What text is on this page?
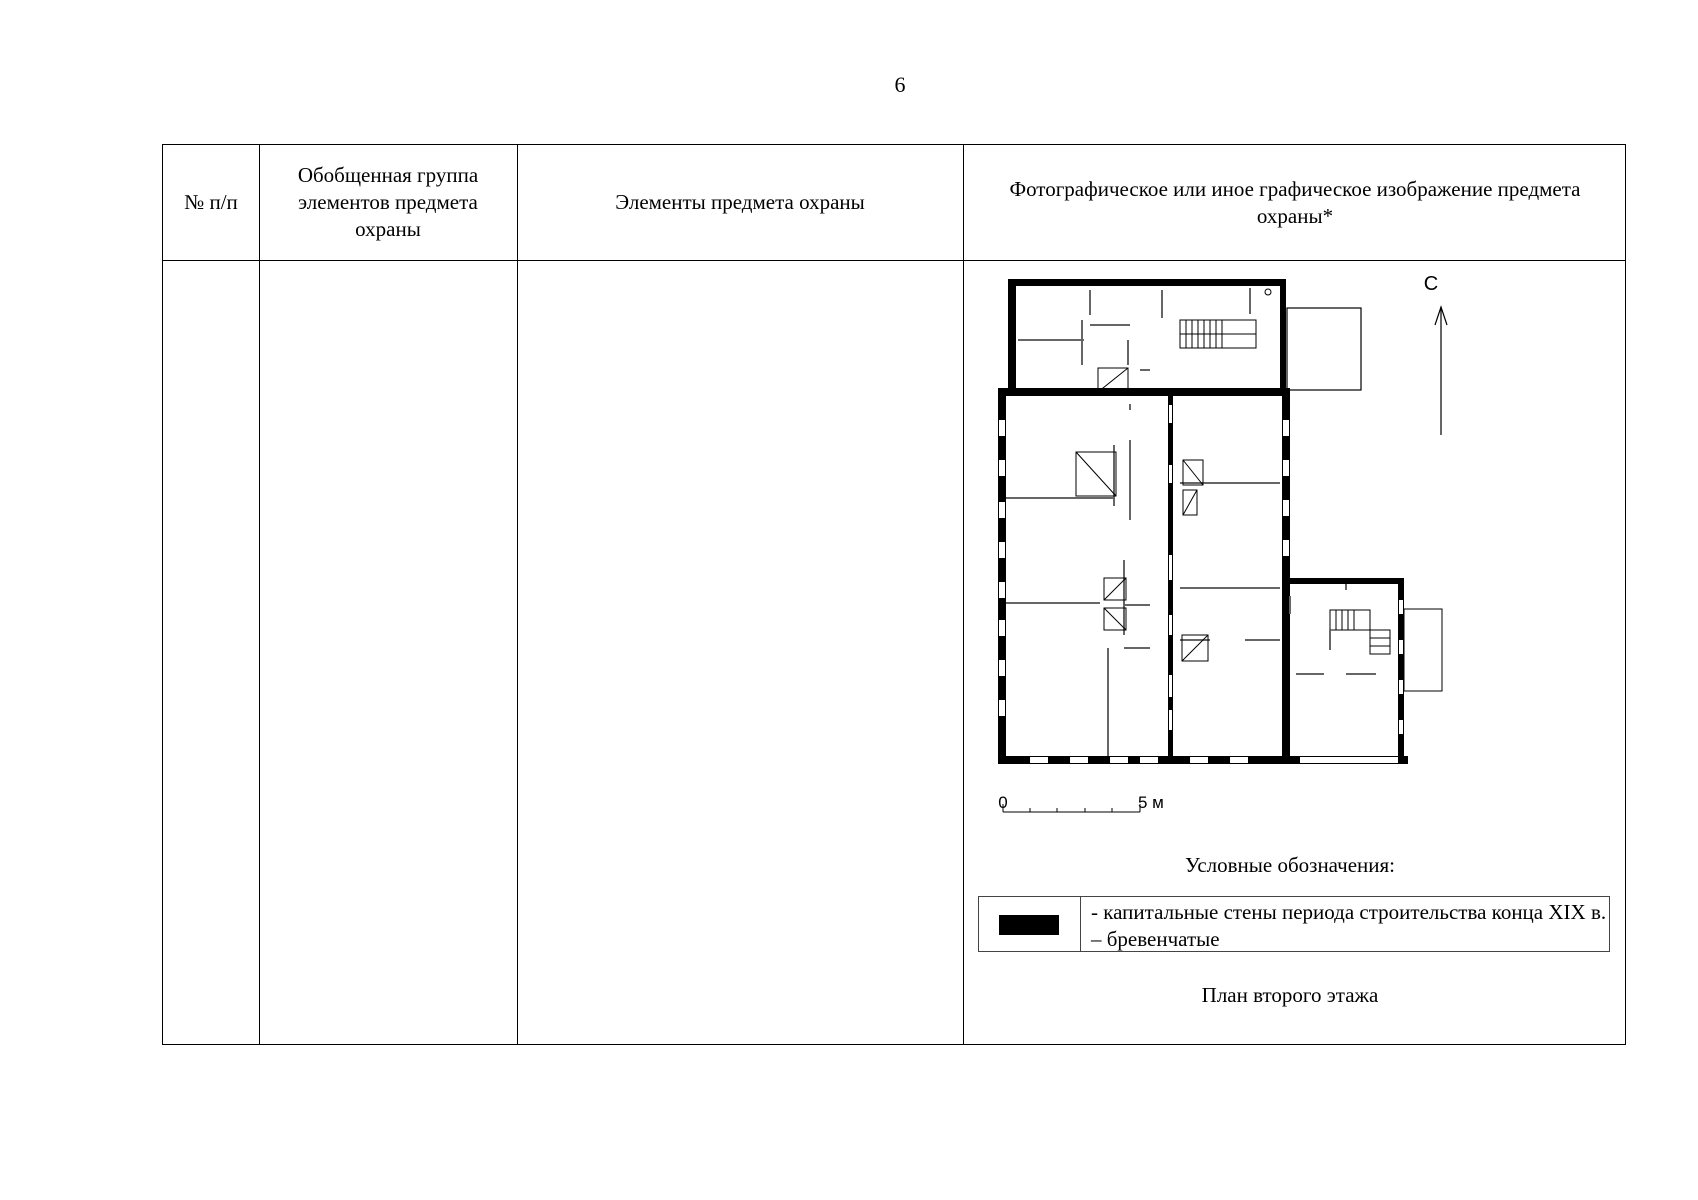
6
№ п/п
Обобщенная группа элементов предмета охраны
Элементы предмета охраны
Фотографическое или иное графическое изображение предмета охраны*
С
0	5 м
Условные обозначения:
- капитальные стены периода строительства конца XIX в. – бревенчатые
План второго этажа
